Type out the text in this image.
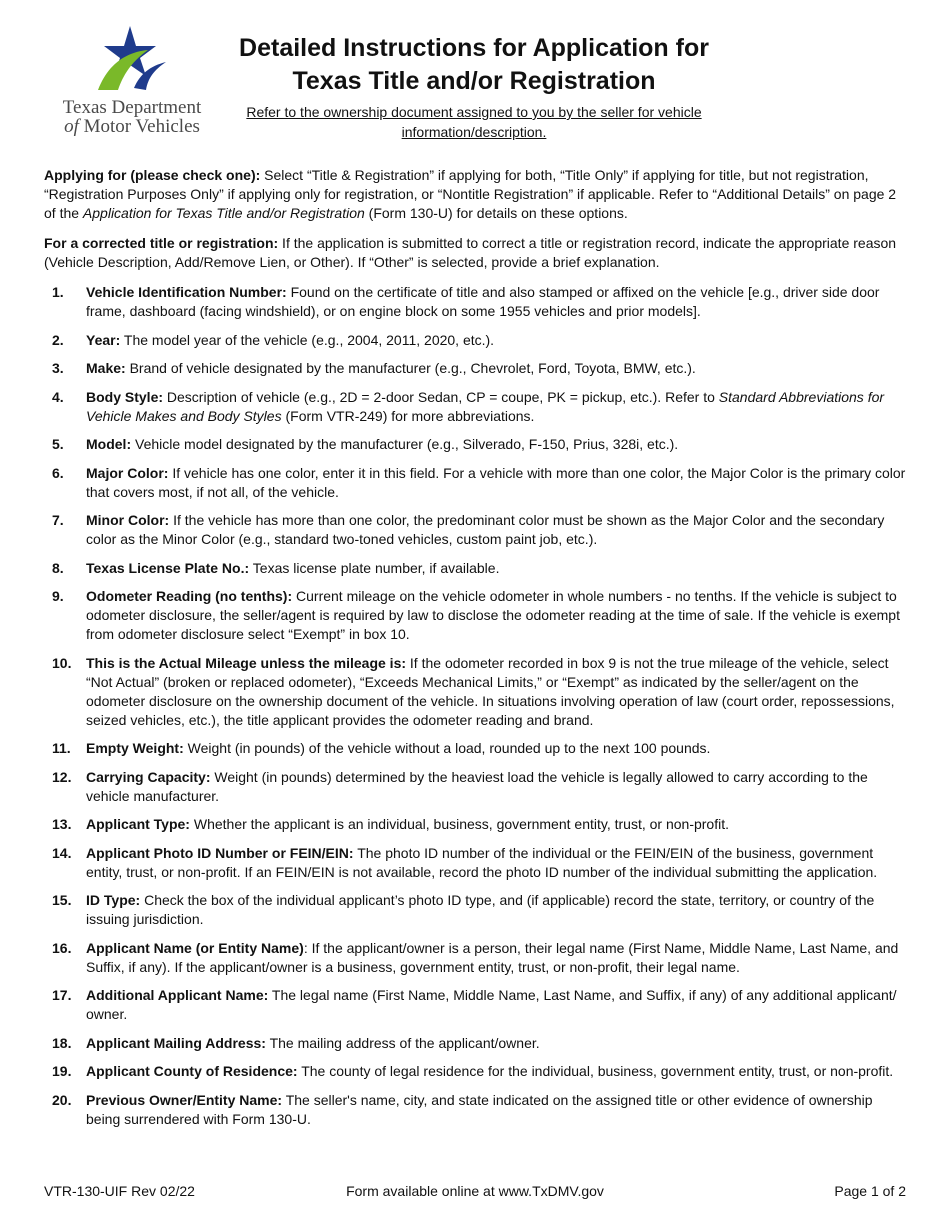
Texas Department
of Motor Vehicles
Detailed Instructions for Application for
Texas Title and/or Registration
Refer to the ownership document assigned to you by the seller for vehicle information/description.
Applying for (please check one): Select “Title & Registration” if applying for both, “Title Only” if applying for title, but not registration, “Registration Purposes Only” if applying only for registration, or “Nontitle Registration” if applicable. Refer to “Additional Details” on page 2 of the Application for Texas Title and/or Registration (Form 130-U) for details on these options.
For a corrected title or registration: If the application is submitted to correct a title or registration record, indicate the appropriate reason (Vehicle Description, Add/Remove Lien, or Other). If “Other” is selected, provide a brief explanation.
1.	Vehicle Identification Number: Found on the certificate of title and also stamped or affixed on the vehicle [e.g., driver side door frame, dashboard (facing windshield), or on engine block on some 1955 vehicles and prior models].
2.	Year: The model year of the vehicle (e.g., 2004, 2011, 2020, etc.).
3.	Make: Brand of vehicle designated by the manufacturer (e.g., Chevrolet, Ford, Toyota, BMW, etc.).
4.	Body Style: Description of vehicle (e.g., 2D = 2-door Sedan, CP = coupe, PK = pickup, etc.). Refer to Standard Abbreviations for Vehicle Makes and Body Styles (Form VTR-249) for more abbreviations.
5.	Model: Vehicle model designated by the manufacturer (e.g., Silverado, F-150, Prius, 328i, etc.).
6.	Major Color: If vehicle has one color, enter it in this field. For a vehicle with more than one color, the Major Color is the primary color that covers most, if not all, of the vehicle.
7.	Minor Color: If the vehicle has more than one color, the predominant color must be shown as the Major Color and the secondary color as the Minor Color (e.g., standard two-toned vehicles, custom paint job, etc.).
8.	Texas License Plate No.: Texas license plate number, if available.
9.	Odometer Reading (no tenths): Current mileage on the vehicle odometer in whole numbers - no tenths. If the vehicle is subject to odometer disclosure, the seller/agent is required by law to disclose the odometer reading at the time of sale. If the vehicle is exempt from odometer disclosure select “Exempt” in box 10.
10.	This is the Actual Mileage unless the mileage is: If the odometer recorded in box 9 is not the true mileage of the vehicle, select “Not Actual” (broken or replaced odometer), “Exceeds Mechanical Limits,” or “Exempt” as indicated by the seller/agent on the odometer disclosure on the ownership document of the vehicle. In situations involving operation of law (court order, repossessions, seized vehicles, etc.), the title applicant provides the odometer reading and brand.
11.	Empty Weight: Weight (in pounds) of the vehicle without a load, rounded up to the next 100 pounds.
12.	Carrying Capacity: Weight (in pounds) determined by the heaviest load the vehicle is legally allowed to carry according to the vehicle manufacturer.
13.	Applicant Type: Whether the applicant is an individual, business, government entity, trust, or non-profit.
14.	Applicant Photo ID Number or FEIN/EIN: The photo ID number of the individual or the FEIN/EIN of the business, government entity, trust, or non-profit. If an FEIN/EIN is not available, record the photo ID number of the individual submitting the application.
15.	ID Type: Check the box of the individual applicant’s photo ID type, and (if applicable) record the state, territory, or country of the issuing jurisdiction.
16.	Applicant Name (or Entity Name): If the applicant/owner is a person, their legal name (First Name, Middle Name, Last Name, and Suffix, if any). If the applicant/owner is a business, government entity, trust, or non-profit, their legal name.
17.	Additional Applicant Name: The legal name (First Name, Middle Name, Last Name, and Suffix, if any) of any additional applicant/ owner.
18.	Applicant Mailing Address: The mailing address of the applicant/owner.
19.	Applicant County of Residence: The county of legal residence for the individual, business, government entity, trust, or non-profit.
20.	Previous Owner/Entity Name: The seller's name, city, and state indicated on the assigned title or other evidence of ownership being surrendered with Form 130-U.
VTR-130-UIF Rev 02/22	Form available online at www.TxDMV.gov	Page 1 of 2
